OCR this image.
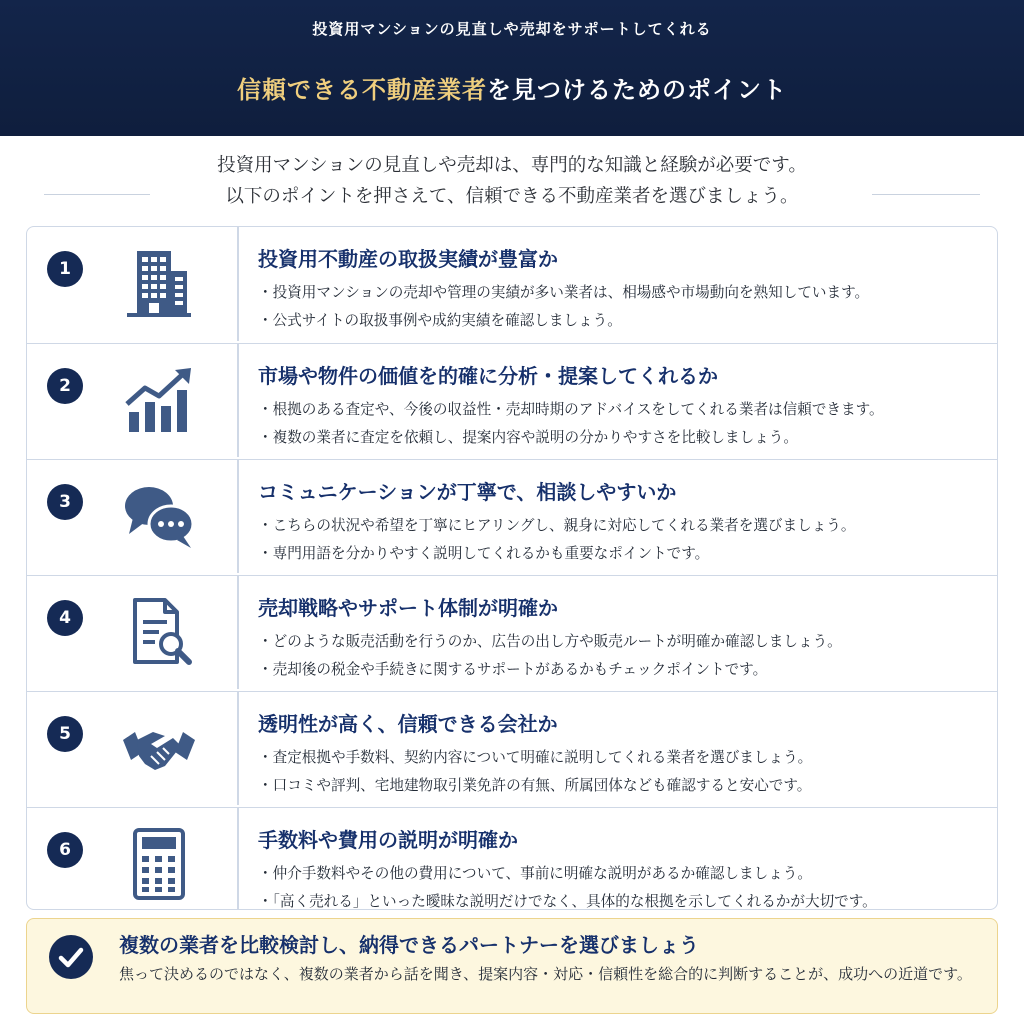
投資用マンションの見直しや売却をサポートしてくれる
信頼できる不動産業者を見つけるためのポイント
投資用マンションの見直しや売却は、専門的な知識と経験が必要です。
以下のポイントを押さえて、信頼できる不動産業者を選びましょう。
1	投資用不動産の取扱実績が豊富か
・投資用マンションの売却や管理の実績が多い業者は、相場感や市場動向を熟知しています。
・公式サイトの取扱事例や成約実績を確認しましょう。
2	市場や物件の価値を的確に分析・提案してくれるか
・根拠のある査定や、今後の収益性・売却時期のアドバイスをしてくれる業者は信頼できます。
・複数の業者に査定を依頼し、提案内容や説明の分かりやすさを比較しましょう。
3	コミュニケーションが丁寧で、相談しやすいか
・こちらの状況や希望を丁寧にヒアリングし、親身に対応してくれる業者を選びましょう。
・専門用語を分かりやすく説明してくれるかも重要なポイントです。
4	売却戦略やサポート体制が明確か
・どのような販売活動を行うのか、広告の出し方や販売ルートが明確か確認しましょう。
・売却後の税金や手続きに関するサポートがあるかもチェックポイントです。
5	透明性が高く、信頼できる会社か
・査定根拠や手数料、契約内容について明確に説明してくれる業者を選びましょう。
・口コミや評判、宅地建物取引業免許の有無、所属団体なども確認すると安心です。
6	手数料や費用の説明が明確か
・仲介手数料やその他の費用について、事前に明確な説明があるか確認しましょう。
・「高く売れる」といった曖昧な説明だけでなく、具体的な根拠を示してくれるかが大切です。
複数の業者を比較検討し、納得できるパートナーを選びましょう
焦って決めるのではなく、複数の業者から話を聞き、提案内容・対応・信頼性を総合的に判断することが、成功への近道です。
